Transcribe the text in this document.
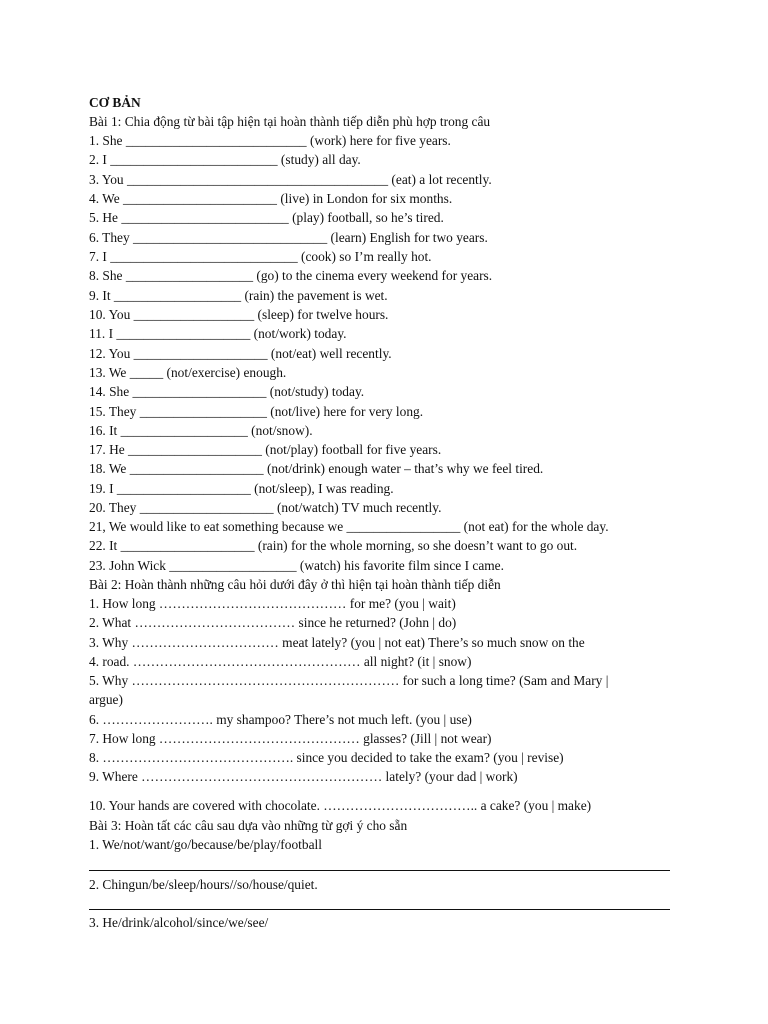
CƠ BẢN
Bài 1: Chia động từ bài tập hiện tại hoàn thành tiếp diễn phù hợp trong câu
1. She ___________________________ (work) here for five years.
2. I _________________________ (study) all day.
3. You _______________________________________ (eat) a lot recently.
4. We _______________________ (live) in London for six months.
5. He _________________________ (play) football, so he’s tired.
6. They _____________________________ (learn) English for two years.
7. I ____________________________ (cook) so I’m really hot.
8. She ___________________ (go) to the cinema every weekend for years.
9. It ___________________ (rain) the pavement is wet.
10. You __________________ (sleep) for twelve hours.
11. I ____________________ (not/work) today.
12. You ____________________ (not/eat) well recently.
13. We _____ (not/exercise) enough.
14. She ____________________ (not/study) today.
15. They ___________________ (not/live) here for very long.
16. It ___________________ (not/snow).
17. He ____________________ (not/play) football for five years.
18. We ____________________ (not/drink) enough water – that’s why we feel tired.
19. I ____________________ (not/sleep), I was reading.
20. They ____________________ (not/watch) TV much recently.
21, We would like to eat something because we _________________ (not eat) for the whole day.
22. It ____________________ (rain) for the whole morning, so she doesn’t want to go out.
23. John Wick ___________________ (watch) his favorite film since I came.
Bài 2: Hoàn thành những câu hỏi dưới đây ở thì hiện tại hoàn thành tiếp diễn
1. How long …………………………………… for me? (you | wait)
2. What ……………………………… since he returned? (John | do)
3. Why …………………………… meat lately? (you | not eat) There’s so much snow on the
4. road. …………………………………………… all night? (it | snow)
5. Why …………………………………………………… for such a long time? (Sam and Mary |
argue)
6. ……………………. my shampoo? There’s not much left. (you | use)
7. How long ……………………………………… glasses? (Jill | not wear)
8. ……………………………………. since you decided to take the exam? (you | revise)
9. Where ……………………………………………… lately? (your dad | work)
10. Your hands are covered with chocolate. …………………………….. a cake? (you | make)
Bài 3: Hoàn tất các câu sau dựa vào những từ gợi ý cho sẵn
1. We/not/want/go/because/be/play/football
2. Chingun/be/sleep/hours//so/house/quiet.
3. He/drink/alcohol/since/we/see/
